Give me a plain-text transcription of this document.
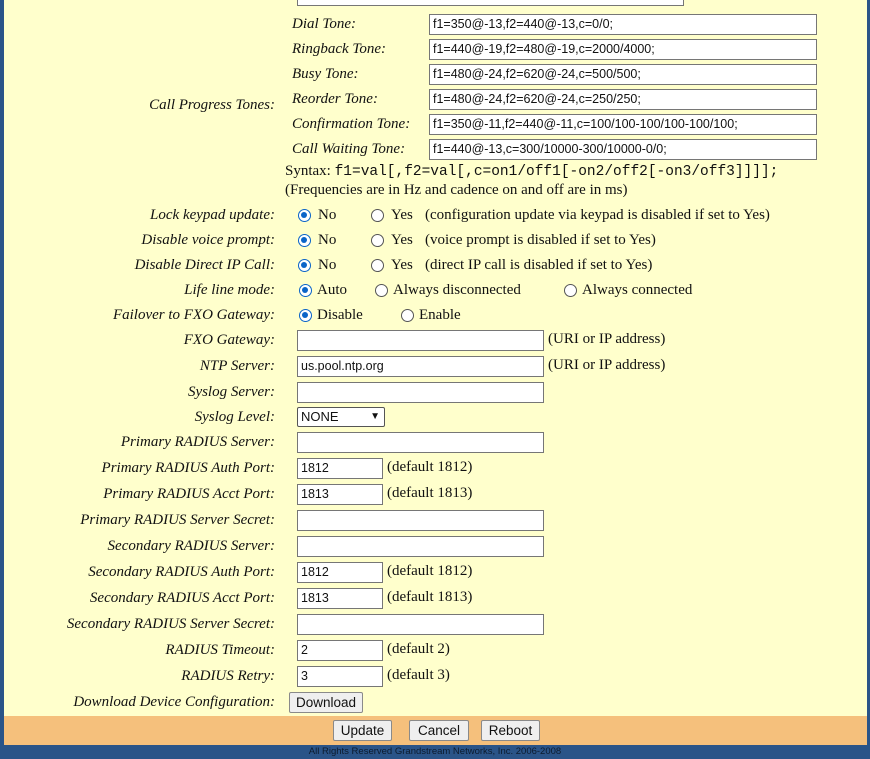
Call Progress Tones:
Dial Tone:	f1=350@-13,f2=440@-13,c=0/0;
Ringback Tone:	f1=440@-19,f2=480@-19,c=2000/4000;
Busy Tone:	f1=480@-24,f2=620@-24,c=500/500;
Reorder Tone:	f1=480@-24,f2=620@-24,c=250/250;
Confirmation Tone:	f1=350@-11,f2=440@-11,c=100/100-100/100-100/100;
Call Waiting Tone:	f1=440@-13,c=300/10000-300/10000-0/0;
Syntax: f1=val[,f2=val[,c=on1/off1[-on2/off2[-on3/off3]]]];
(Frequencies are in Hz and cadence on and off are in ms)
Lock keypad update:	No	Yes (configuration update via keypad is disabled if set to Yes)
Disable voice prompt:	No	Yes (voice prompt is disabled if set to Yes)
Disable Direct IP Call:	No	Yes (direct IP call is disabled if set to Yes)
Life line mode:	Auto	Always disconnected	Always connected
Failover to FXO Gateway:	Disable	Enable
FXO Gateway:	(URI or IP address)
NTP Server:	us.pool.ntp.org	(URI or IP address)
Syslog Server:
Syslog Level:	NONE	▼
Primary RADIUS Server:
Primary RADIUS Auth Port:	1812	(default 1812)
Primary RADIUS Acct Port:	1813	(default 1813)
Primary RADIUS Server Secret:
Secondary RADIUS Server:
Secondary RADIUS Auth Port:	1812	(default 1812)
Secondary RADIUS Acct Port:	1813	(default 1813)
Secondary RADIUS Server Secret:
RADIUS Timeout:	2	(default 2)
RADIUS Retry:	3	(default 3)
Download Device Configuration:	Download
Update	Cancel	Reboot
All Rights Reserved Grandstream Networks, Inc. 2006-2008
